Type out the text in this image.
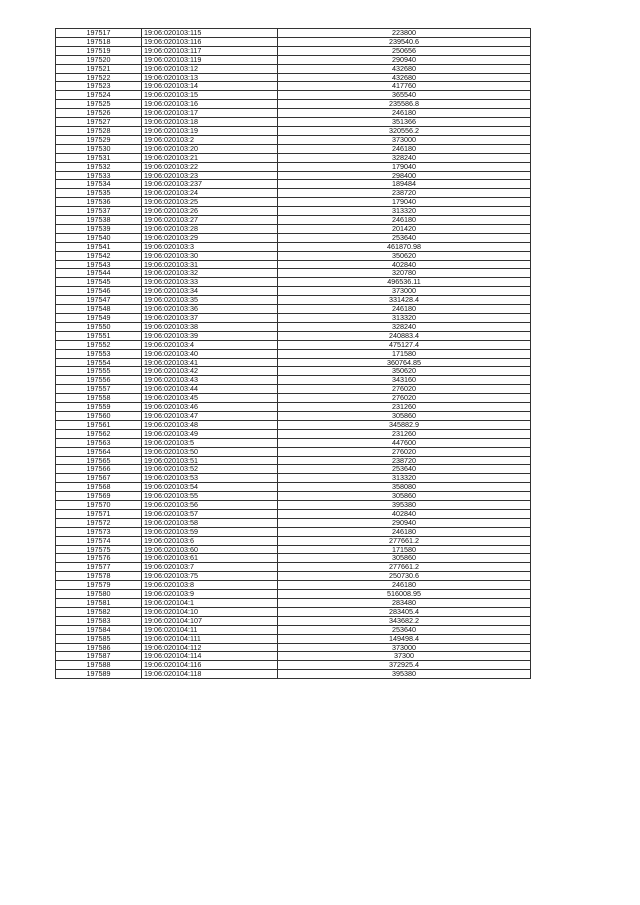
197517	19:06:020103:115	223800
197518	19:06:020103:116	239540.6
197519	19:06:020103:117	250656
197520	19:06:020103:119	290940
197521	19:06:020103:12	432680
197522	19:06:020103:13	432680
197523	19:06:020103:14	417760
197524	19:06:020103:15	365540
197525	19:06:020103:16	235586.8
197526	19:06:020103:17	246180
197527	19:06:020103:18	351366
197528	19:06:020103:19	320556.2
197529	19:06:020103:2	373000
197530	19:06:020103:20	246180
197531	19:06:020103:21	328240
197532	19:06:020103:22	179040
197533	19:06:020103:23	298400
197534	19:06:020103:237	189484
197535	19:06:020103:24	238720
197536	19:06:020103:25	179040
197537	19:06:020103:26	313320
197538	19:06:020103:27	246180
197539	19:06:020103:28	201420
197540	19:06:020103:29	253640
197541	19:06:020103:3	461870.98
197542	19:06:020103:30	350620
197543	19:06:020103:31	402840
197544	19:06:020103:32	320780
197545	19:06:020103:33	496536.11
197546	19:06:020103:34	373000
197547	19:06:020103:35	331428.4
197548	19:06:020103:36	246180
197549	19:06:020103:37	313320
197550	19:06:020103:38	328240
197551	19:06:020103:39	240883.4
197552	19:06:020103:4	475127.4
197553	19:06:020103:40	171580
197554	19:06:020103:41	360764.85
197555	19:06:020103:42	350620
197556	19:06:020103:43	343160
197557	19:06:020103:44	276020
197558	19:06:020103:45	276020
197559	19:06:020103:46	231260
197560	19:06:020103:47	305860
197561	19:06:020103:48	345882.9
197562	19:06:020103:49	231260
197563	19:06:020103:5	447600
197564	19:06:020103:50	276020
197565	19:06:020103:51	238720
197566	19:06:020103:52	253640
197567	19:06:020103:53	313320
197568	19:06:020103:54	358080
197569	19:06:020103:55	305860
197570	19:06:020103:56	395380
197571	19:06:020103:57	402840
197572	19:06:020103:58	290940
197573	19:06:020103:59	246180
197574	19:06:020103:6	277661.2
197575	19:06:020103:60	171580
197576	19:06:020103:61	305860
197577	19:06:020103:7	277661.2
197578	19:06:020103:75	250730.6
197579	19:06:020103:8	246180
197580	19:06:020103:9	516008.95
197581	19:06:020104:1	283480
197582	19:06:020104:10	283405.4
197583	19:06:020104:107	343682.2
197584	19:06:020104:11	253640
197585	19:06:020104:111	149498.4
197586	19:06:020104:112	373000
197587	19:06:020104:114	37300
197588	19:06:020104:116	372925.4
197589	19:06:020104:118	395380
